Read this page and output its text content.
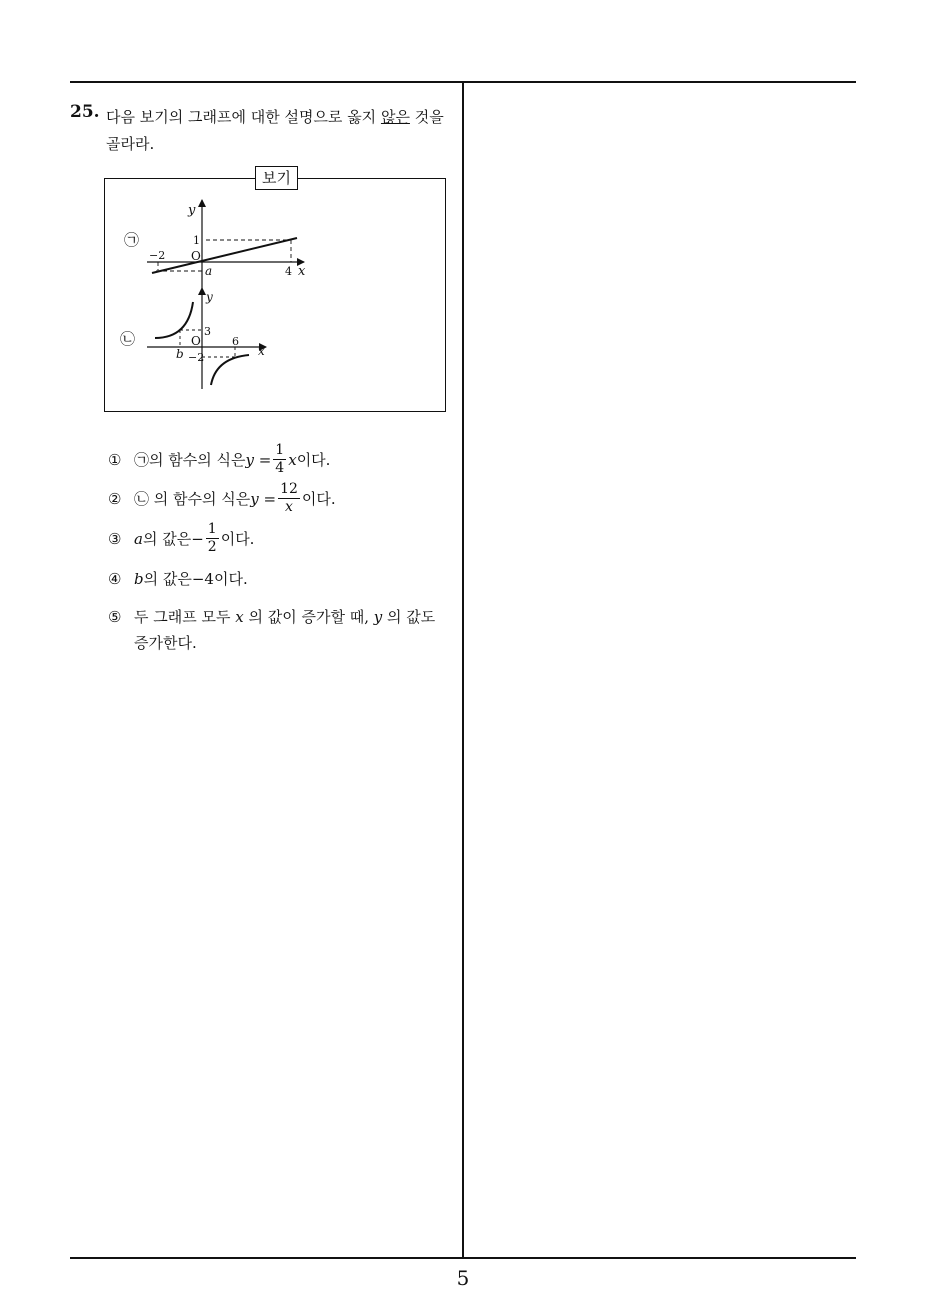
5
25. 다음 보기의 그래프에 대한 설명으로 옳지 않은 것을 골라라.
㉠
y
x
O
−2
1
4
a
㉡
y
x
O
3
6
b −2
보기
① ㉠의 함수의 식은 $y = \frac{1}{4}$ x 이다.
② ㉡ 의 함수의 식은 $y = \frac{12}{x}$ 이다.
③ a 의 값은 − $\frac{1}{2}$ 이다.
④ b 의 값은 −4 이다.
⑤ 두 그래프 모두 x 의 값이 증가할 때, y 의 값도
증가한다.
